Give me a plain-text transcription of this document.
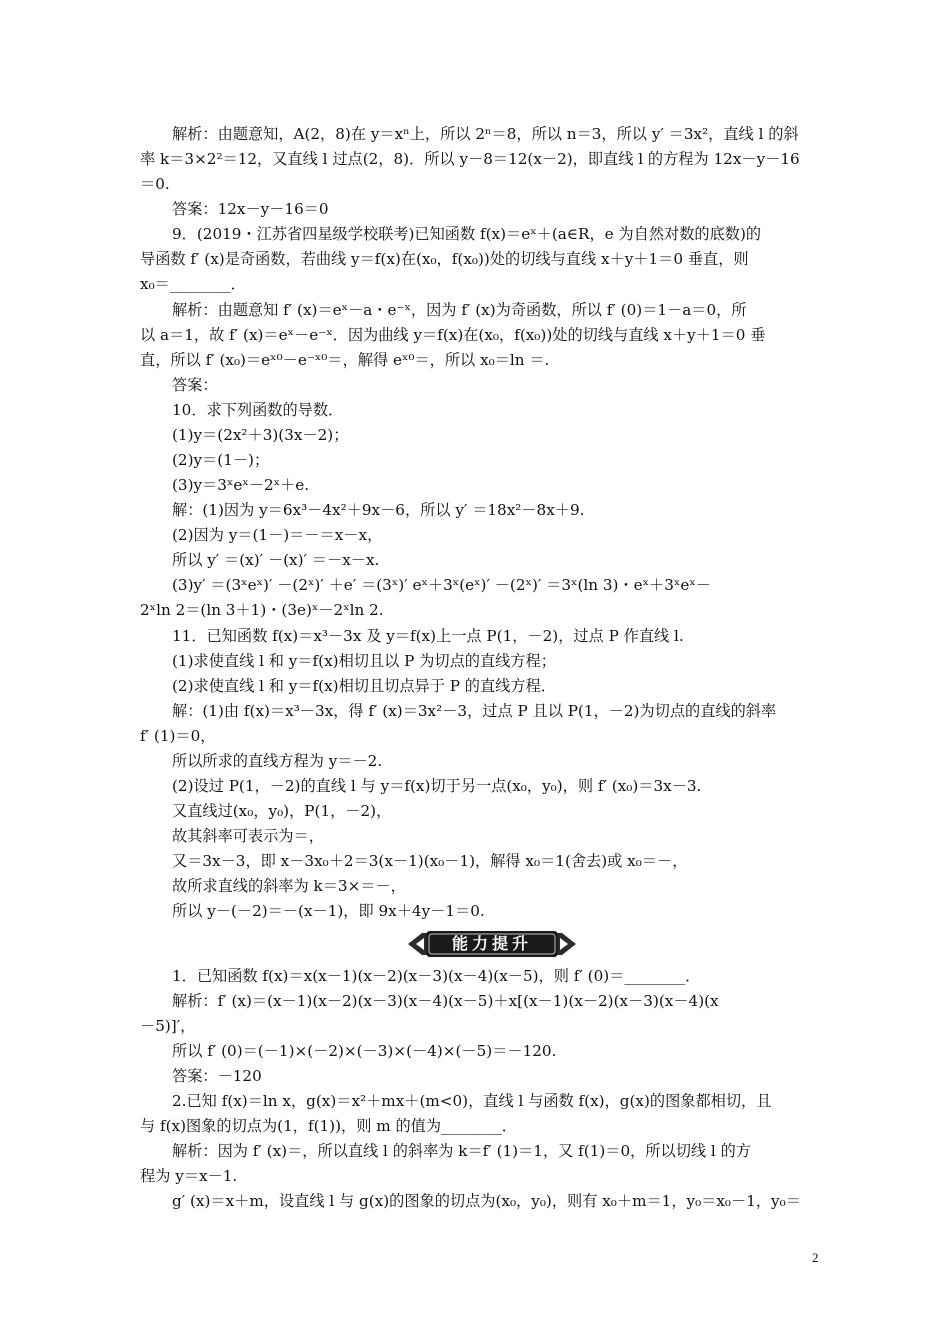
解析：由题意知，A(2，8)在 y＝xⁿ上，所以 2ⁿ＝8，所以 n＝3，所以 y′ ＝3x²，直线 l 的斜
率 k＝3×2²＝12，又直线 l 过点(2，8)．所以 y－8＝12(x－2)，即直线 l 的方程为 12x－y－16
＝0.
答案：12x－y－16＝0
9．(2019・江苏省四星级学校联考)已知函数 f(x)＝eˣ＋(a∈R，e 为自然对数的底数)的
导函数 f′ (x)是奇函数，若曲线 y＝f(x)在(x₀，f(x₀))处的切线与直线 x＋y＋1＝0 垂直，则
x₀＝________．
解析：由题意知 f′ (x)＝eˣ－a・e⁻ˣ，因为 f′ (x)为奇函数，所以 f′ (0)＝1－a＝0，所
以 a＝1，故 f′ (x)＝eˣ－e⁻ˣ．因为曲线 y＝f(x)在(x₀，f(x₀))处的切线与直线 x＋y＋1＝0 垂
直，所以 f′ (x₀)＝eˣ⁰－e⁻ˣ⁰＝，解得 eˣ⁰＝，所以 x₀＝ln ＝.
答案：
10．求下列函数的导数．
(1)y＝(2x²＋3)(3x－2)；
(2)y＝(1－)；
(3)y＝3ˣeˣ－2ˣ＋e.
解：(1)因为 y＝6x³－4x²＋9x－6，所以 y′ ＝18x²－8x＋9.
(2)因为 y＝(1－)＝－＝x－x，
所以 y′ ＝(x)′ －(x)′ ＝－x－x.
(3)y′ ＝(3ˣeˣ)′ －(2ˣ)′ ＋e′ ＝(3ˣ)′ eˣ＋3ˣ(eˣ)′ －(2ˣ)′ ＝3ˣ(ln 3)・eˣ＋3ˣeˣ－
2ˣln 2＝(ln 3＋1)・(3e)ˣ－2ˣln 2.
11．已知函数 f(x)＝x³－3x 及 y＝f(x)上一点 P(1，－2)，过点 P 作直线 l.
(1)求使直线 l 和 y＝f(x)相切且以 P 为切点的直线方程；
(2)求使直线 l 和 y＝f(x)相切且切点异于 P 的直线方程．
解：(1)由 f(x)＝x³－3x，得 f′ (x)＝3x²－3，过点 P 且以 P(1，－2)为切点的直线的斜率
f′ (1)＝0，
所以所求的直线方程为 y＝－2.
(2)设过 P(1，－2)的直线 l 与 y＝f(x)切于另一点(x₀，y₀)，则 f′ (x₀)＝3x－3.
又直线过(x₀，y₀)，P(1，－2)，
故其斜率可表示为＝，
又＝3x－3，即 x－3x₀＋2＝3(x－1)(x₀－1)，解得 x₀＝1(舍去)或 x₀＝－，
故所求直线的斜率为 k＝3×＝－，
所以 y－(－2)＝－(x－1)，即 9x＋4y－1＝0.
能力提升
1．已知函数 f(x)＝x(x－1)(x－2)(x－3)(x－4)(x－5)，则 f′ (0)＝________．
解析：f′ (x)＝(x－1)(x－2)(x－3)(x－4)(x－5)＋x[(x－1)(x－2)(x－3)(x－4)(x
－5)]′，
所以 f′ (0)＝(－1)×(－2)×(－3)×(－4)×(－5)＝－120.
答案：－120
2.已知 f(x)＝ln x，g(x)＝x²＋mx＋(m<0)，直线 l 与函数 f(x)，g(x)的图象都相切，且
与 f(x)图象的切点为(1，f(1))，则 m 的值为________．
解析：因为 f′ (x)＝，所以直线 l 的斜率为 k＝f′ (1)＝1，又 f(1)＝0，所以切线 l 的方
程为 y＝x－1.
g′ (x)＝x＋m，设直线 l 与 g(x)的图象的切点为(x₀，y₀)，则有 x₀＋m＝1，y₀＝x₀－1，y₀＝
2
